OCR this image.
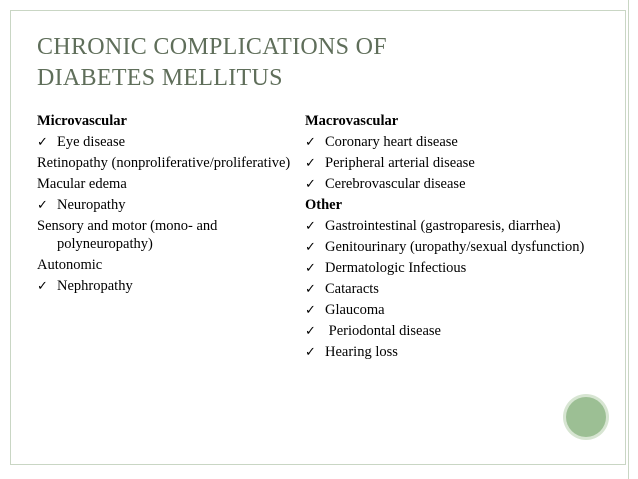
CHRONIC COMPLICATIONS OF
DIABETES MELLITUS
Microvascular
✓ Eye disease
Retinopathy (nonproliferative/proliferative)
Macular edema
✓ Neuropathy
Sensory and motor (mono- and polyneuropathy)
Autonomic
✓ Nephropathy
Macrovascular
✓ Coronary heart disease
✓ Peripheral arterial disease
✓ Cerebrovascular disease
Other
✓ Gastrointestinal (gastroparesis, diarrhea)
✓ Genitourinary (uropathy/sexual dysfunction)
✓ Dermatologic Infectious
✓ Cataracts
✓ Glaucoma
✓ Periodontal disease
✓ Hearing loss
